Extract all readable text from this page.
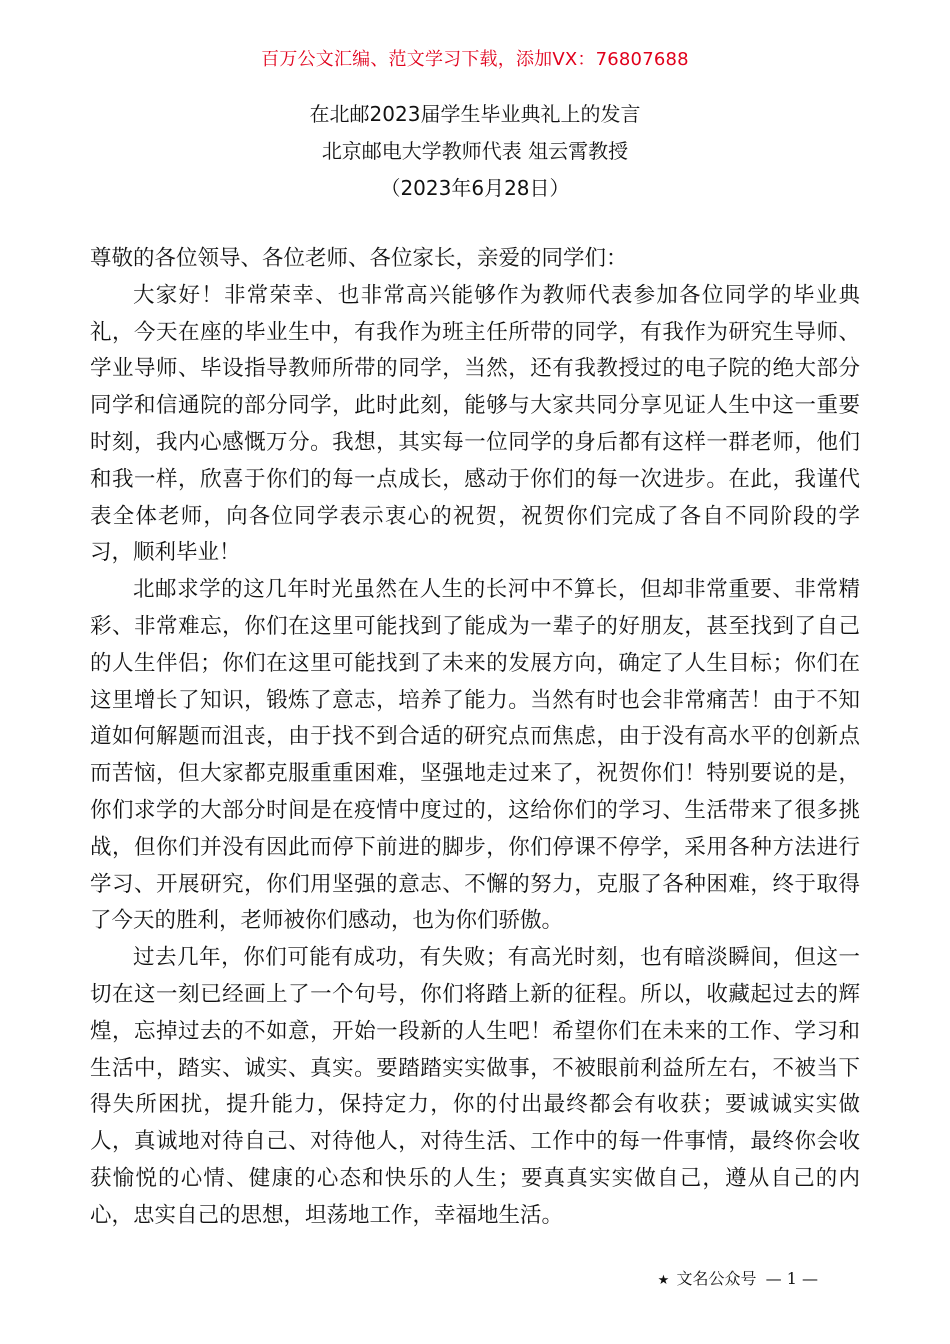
百万公文汇编、范文学习下载，添加VX：76807688
在北邮2023届学生毕业典礼上的发言
北京邮电大学教师代表 俎云霄教授
（2023年6月28日）

尊敬的各位领导、各位老师、各位家长，亲爱的同学们：

大家好！非常荣幸、也非常高兴能够作为教师代表参加各位同学的毕业典礼，今天在座的毕业生中，有我作为班主任所带的同学，有我作为研究生导师、学业导师、毕设指导教师所带的同学，当然，还有我教授过的电子院的绝大部分同学和信通院的部分同学，此时此刻，能够与大家共同分享见证人生中这一重要时刻，我内心感慨万分。我想，其实每一位同学的身后都有这样一群老师，他们和我一样，欣喜于你们的每一点成长，感动于你们的每一次进步。在此，我谨代表全体老师，向各位同学表示衷心的祝贺，祝贺你们完成了各自不同阶段的学习，顺利毕业！

北邮求学的这几年时光虽然在人生的长河中不算长，但却非常重要、非常精彩、非常难忘，你们在这里可能找到了能成为一辈子的好朋友，甚至找到了自己的人生伴侣；你们在这里可能找到了未来的发展方向，确定了人生目标；你们在这里增长了知识，锻炼了意志，培养了能力。当然有时也会非常痛苦！由于不知道如何解题而沮丧，由于找不到合适的研究点而焦虑，由于没有高水平的创新点而苦恼，但大家都克服重重困难，坚强地走过来了，祝贺你们！特别要说的是，你们求学的大部分时间是在疫情中度过的，这给你们的学习、生活带来了很多挑战，但你们并没有因此而停下前进的脚步，你们停课不停学，采用各种方法进行学习、开展研究，你们用坚强的意志、不懈的努力，克服了各种困难，终于取得了今天的胜利，老师被你们感动，也为你们骄傲。

过去几年，你们可能有成功，有失败；有高光时刻，也有暗淡瞬间，但这一切在这一刻已经画上了一个句号，你们将踏上新的征程。所以，收藏起过去的辉煌，忘掉过去的不如意，开始一段新的人生吧！希望你们在未来的工作、学习和生活中，踏实、诚实、真实。要踏踏实实做事，不被眼前利益所左右，不被当下得失所困扰，提升能力，保持定力，你的付出最终都会有收获；要诚诚实实做人，真诚地对待自己、对待他人，对待生活、工作中的每一件事情，最终你会收获愉悦的心情、健康的心态和快乐的人生；要真真实实做自己，遵从自己的内心，忠实自己的思想，坦荡地工作，幸福地生活。

★ 文名公众号 — 1 —
